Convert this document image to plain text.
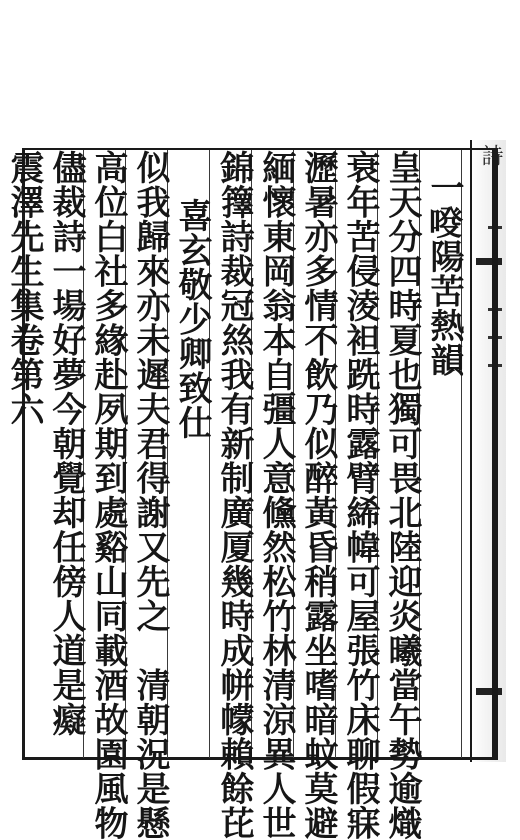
詩
一𠷑陽苦熱韻
皇天分四時夏也獨可畏北陸迎炎曦當午勢逾熾
衰年苦侵淩袒跣時露臂絺幃可屋張竹床聊假寐
瀝暑亦多情不飲乃似醉黃昏稍露坐嗜暗蚊莫避
緬懷東岡翁本自彊人意儵然松竹林清涼異人世
錦籜詩裁冠𢇁我有新制廣厦幾時成帡幪賴餘芘
喜玄敬少卿致仕
似我歸來亦未遲夫君得謝又先之　清朝況是懸
高位白社多緣赴夙期到處谿山同載酒故園風物
儘裁詩一場好夢今朝覺却任傍人道是癡
震澤先生集卷第六
